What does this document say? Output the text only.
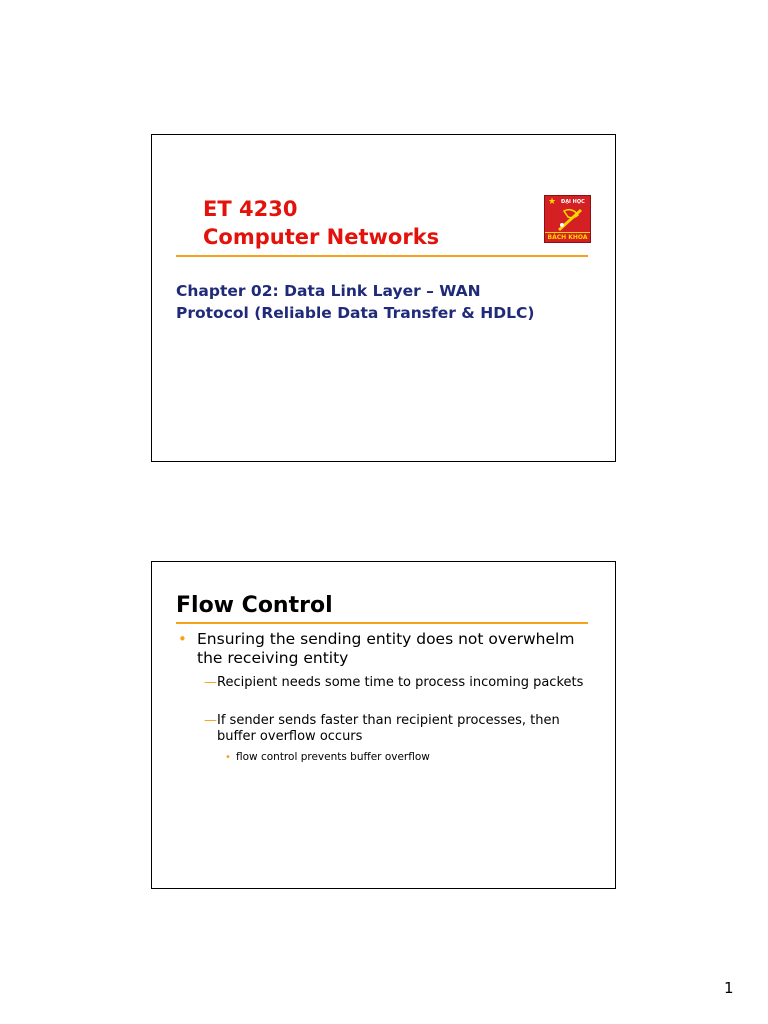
ET 4230
Computer Networks
★ ĐẠI HỌC
BÁCH KHOA
Chapter 02: Data Link Layer – WAN
Protocol (Reliable Data Transfer & HDLC)
Flow Control
• Ensuring the sending entity does not overwhelm the receiving entity
— Recipient needs some time to process incoming packets
— If sender sends faster than recipient processes, then buffer overflow occurs
• flow control prevents buffer overflow
1
